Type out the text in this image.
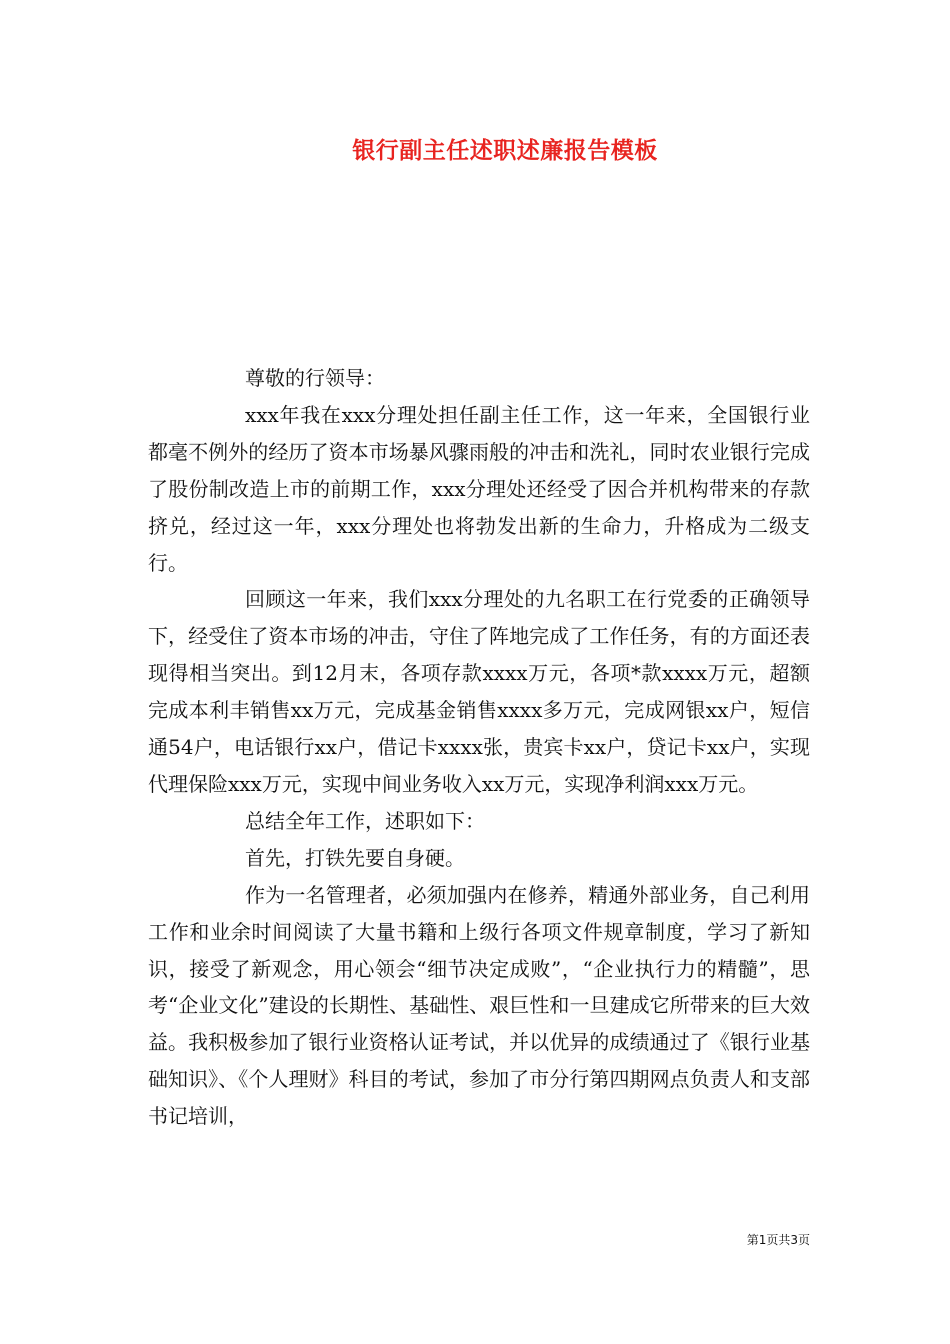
银行副主任述职述廉报告模板

尊敬的行领导：

xxx年我在xxx分理处担任副主任工作，这一年来，全国银行业都毫不例外的经历了资本市场暴风骤雨般的冲击和洗礼，同时农业银行完成了股份制改造上市的前期工作，xxx分理处还经受了因合并机构带来的存款挤兑，经过这一年，xxx分理处也将勃发出新的生命力，升格成为二级支行。

回顾这一年来，我们xxx分理处的九名职工在行党委的正确领导下，经受住了资本市场的冲击，守住了阵地完成了工作任务，有的方面还表现得相当突出。到12月末，各项存款xxxx万元，各项*款xxxx万元，超额完成本利丰销售xx万元，完成基金销售xxxx多万元，完成网银xx户，短信通54户，电话银行xx户，借记卡xxxx张，贵宾卡xx户，贷记卡xx户，实现代理保险xxx万元，实现中间业务收入xx万元，实现净利润xxx万元。

总结全年工作，述职如下：

首先，打铁先要自身硬。

作为一名管理者，必须加强内在修养，精通外部业务，自己利用工作和业余时间阅读了大量书籍和上级行各项文件规章制度，学习了新知识，接受了新观念，用心领会“细节决定成败”，“企业执行力的精髓”，思考“企业文化”建设的长期性、基础性、艰巨性和一旦建成它所带来的巨大效益。我积极参加了银行业资格认证考试，并以优异的成绩通过了《银行业基础知识》、《个人理财》科目的考试，参加了市分行第四期网点负责人和支部书记培训，

第1页共3页
